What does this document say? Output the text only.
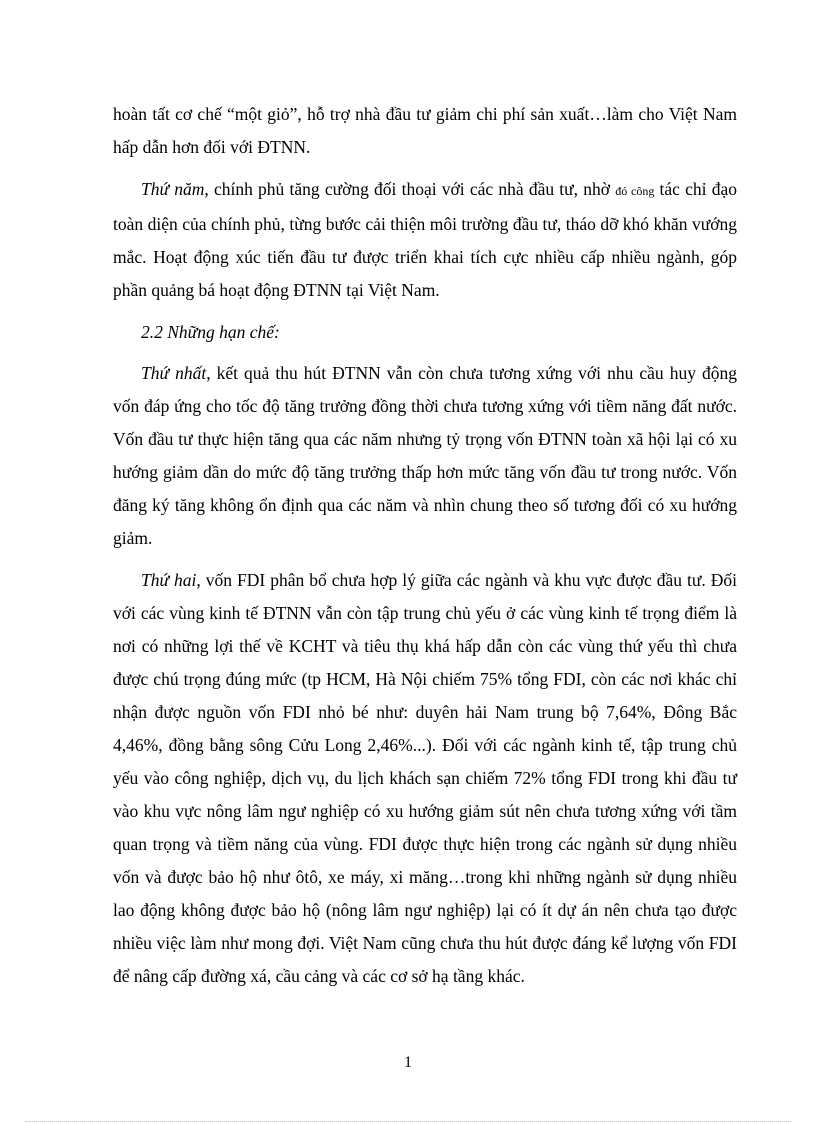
hoàn tất cơ chế “một giỏ”, hỗ trợ nhà đầu tư giảm chi phí sản xuất…làm cho Việt Nam hấp dẫn hơn đối với ĐTNN.

Thứ năm, chính phủ tăng cường đối thoại với các nhà đầu tư, nhờ đó công tác chỉ đạo toàn diện của chính phủ, từng bước cải thiện môi trường đầu tư, tháo dỡ khó khăn vướng mắc. Hoạt động xúc tiến đầu tư được triển khai tích cực nhiều cấp nhiều ngành, góp phần quảng bá hoạt động ĐTNN tại Việt Nam.

2.2 Những hạn chế:

Thứ nhất, kết quả thu hút ĐTNN vẫn còn chưa tương xứng với nhu cầu huy động vốn đáp ứng cho tốc độ tăng trưởng đồng thời chưa tương xứng với tiềm năng đất nước. Vốn đầu tư thực hiện tăng qua các năm nhưng tỷ trọng vốn ĐTNN toàn xã hội lại có xu hướng giảm dần do mức độ tăng trưởng thấp hơn mức tăng vốn đầu tư trong nước. Vốn đăng ký tăng không ổn định qua các năm và nhìn chung theo số tương đối có xu hướng giảm.

Thứ hai, vốn FDI phân bổ chưa hợp lý giữa các ngành và khu vực được đầu tư. Đối với các vùng kinh tế ĐTNN vẫn còn tập trung chủ yếu ở các vùng kinh tế trọng điểm là nơi có những lợi thế về KCHT và tiêu thụ khá hấp dẫn còn các vùng thứ yếu thì chưa được chú trọng đúng mức (tp HCM, Hà Nội chiếm 75% tổng FDI, còn các nơi khác chỉ nhận được nguồn vốn FDI nhỏ bé như: duyên hải Nam trung bộ 7,64%, Đông Bắc 4,46%, đồng bằng sông Cửu Long 2,46%...). Đối với các ngành kinh tế, tập trung chủ yếu vào công nghiệp, dịch vụ, du lịch khách sạn chiếm 72% tổng FDI trong khi đầu tư vào khu vực nông lâm ngư nghiệp có xu hướng giảm sút nên chưa tương xứng với tầm quan trọng và tiềm năng của vùng. FDI được thực hiện trong các ngành sử dụng nhiều vốn và được bảo hộ như ôtô, xe máy, xi măng…trong khi những ngành sử dụng nhiều lao động không được bảo hộ (nông lâm ngư nghiệp) lại có ít dự án nên chưa tạo được nhiều việc làm như mong đợi. Việt Nam cũng chưa thu hút được đáng kể lượng vốn FDI để nâng cấp đường xá, cầu cảng và các cơ sở hạ tầng khác.

1
